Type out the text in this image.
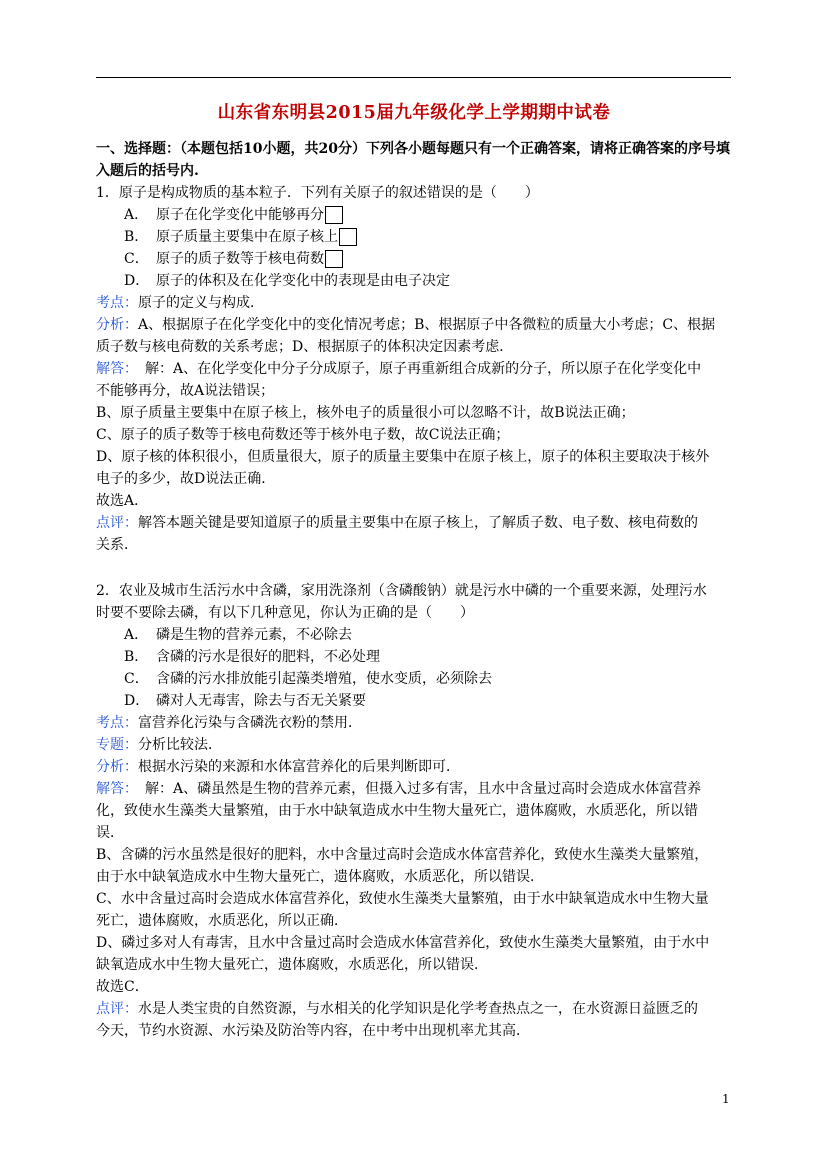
山东省东明县2015届九年级化学上学期期中试卷
一、选择题：（本题包括10小题，共20分）下列各小题每题只有一个正确答案，请将正确答案的序号填入题后的括号内.

1．原子是构成物质的基本粒子．下列有关原子的叙述错误的是（　　）

A． 原子在化学变化中能够再分
B． 原子质量主要集中在原子核上
C． 原子的质子数等于核电荷数
D． 原子的体积及在化学变化中的表现是由电子决定

考点：原子的定义与构成．

分析：A、根据原子在化学变化中的变化情况考虑；B、根据原子中各微粒的质量大小考虑；C、根据

质子数与核电荷数的关系考虑；D、根据原子的体积决定因素考虑．

解答：　解：A、在化学变化中分子分成原子，原子再重新组合成新的分子，所以原子在化学变化中

不能够再分，故A说法错误；

B、原子质量主要集中在原子核上，核外电子的质量很小可以忽略不计，故B说法正确；

C、原子的质子数等于核电荷数还等于核外电子数，故C说法正确；

D、原子核的体积很小，但质量很大，原子的质量主要集中在原子核上，原子的体积主要取决于核外

电子的多少，故D说法正确．

故选A．

点评：解答本题关键是要知道原子的质量主要集中在原子核上，了解质子数、电子数、核电荷数的

关系．

2．农业及城市生活污水中含磷，家用洗涤剂（含磷酸钠）就是污水中磷的一个重要来源，处理污水

时要不要除去磷，有以下几种意见，你认为正确的是（　　）

A． 磷是生物的营养元素，不必除去
B． 含磷的污水是很好的肥料，不必处理
C． 含磷的污水排放能引起藻类增殖，使水变质，必须除去
D． 磷对人无毒害，除去与否无关紧要

考点：富营养化污染与含磷洗衣粉的禁用．

专题：分析比较法．

分析：根据水污染的来源和水体富营养化的后果判断即可．

解答：　解：A、磷虽然是生物的营养元素，但摄入过多有害，且水中含量过高时会造成水体富营养

化，致使水生藻类大量繁殖，由于水中缺氧造成水中生物大量死亡，遗体腐败，水质恶化，所以错

误．

B、含磷的污水虽然是很好的肥料，水中含量过高时会造成水体富营养化，致使水生藻类大量繁殖，

由于水中缺氧造成水中生物大量死亡，遗体腐败，水质恶化，所以错误．

C、水中含量过高时会造成水体富营养化，致使水生藻类大量繁殖，由于水中缺氧造成水中生物大量

死亡，遗体腐败，水质恶化，所以正确．

D、磷过多对人有毒害，且水中含量过高时会造成水体富营养化，致使水生藻类大量繁殖，由于水中

缺氧造成水中生物大量死亡，遗体腐败，水质恶化，所以错误．

故选C．

点评：水是人类宝贵的自然资源，与水相关的化学知识是化学考查热点之一，在水资源日益匮乏的

今天，节约水资源、水污染及防治等内容，在中考中出现机率尤其高．

1
